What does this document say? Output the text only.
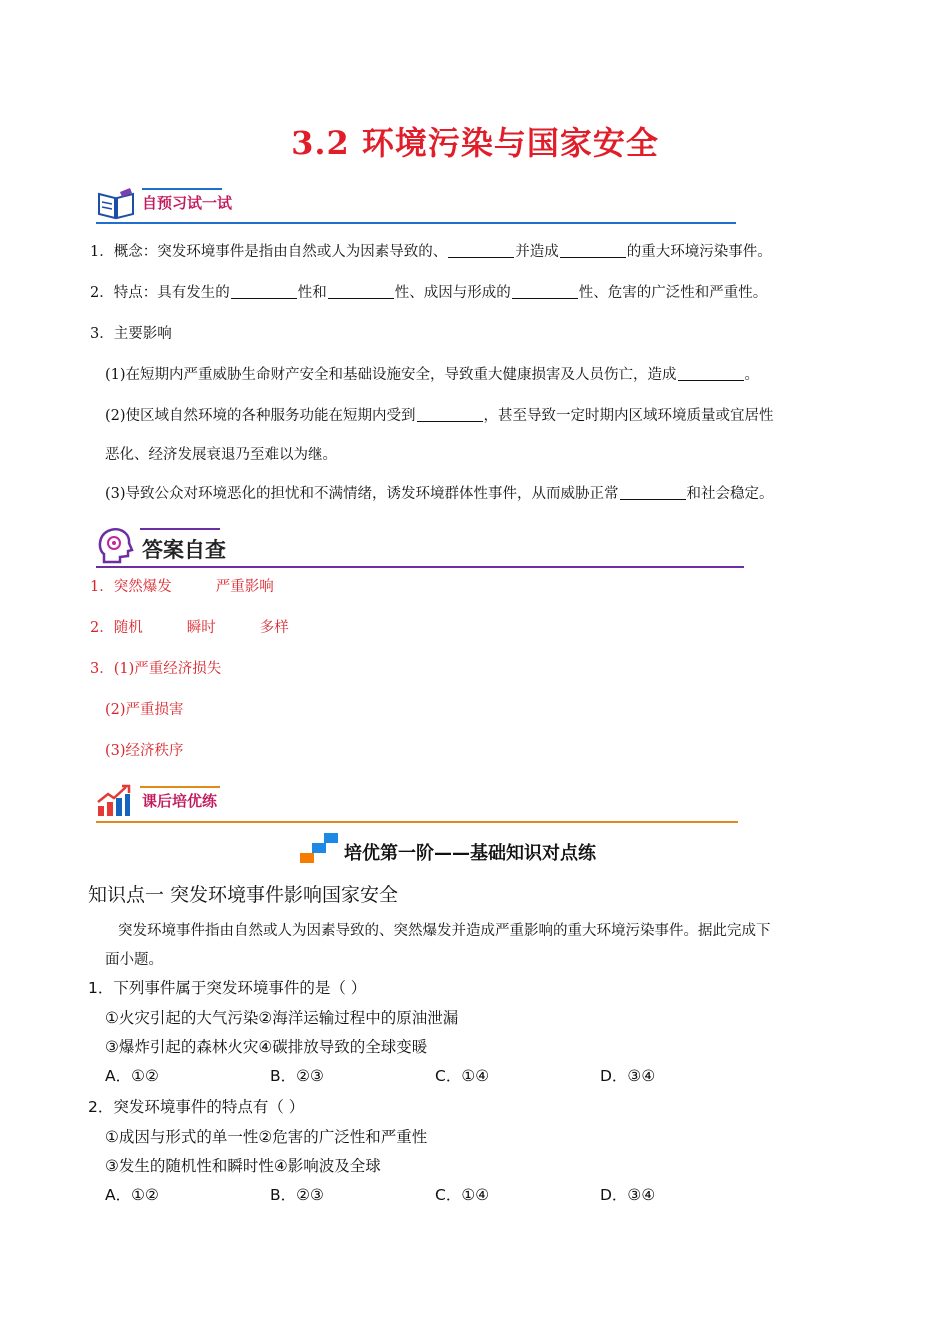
3.2 环境污染与国家安全
自预习试一试
1．概念：突发环境事件是指由自然或人为因素导致的、	并造成	的重大环境污染事件。
2．特点：具有发生的	性和	性、成因与形成的	性、危害的广泛性和严重性。
3．主要影响
(1)在短期内严重威胁生命财产安全和基础设施安全，导致重大健康损害及人员伤亡，造成	。
(2)使区域自然环境的各种服务功能在短期内受到	，甚至导致一定时期内区域环境质量或宜居性
恶化、经济发展衰退乃至难以为继。
(3)导致公众对环境恶化的担忧和不满情绪，诱发环境群体性事件，从而威胁正常	和社会稳定。
答案自查
1．突然爆发	严重影响
2．随机	瞬时	多样
3．(1)严重经济损失
(2)严重损害
(3)经济秩序
课后培优练
培优第一阶——基础知识对点练
知识点一 突发环境事件影响国家安全
突发环境事件指由自然或人为因素导致的、突然爆发并造成严重影响的重大环境污染事件。据此完成下
面小题。
1．下列事件属于突发环境事件的是（ ）
①火灾引起的大气污染②海洋运输过程中的原油泄漏
③爆炸引起的森林火灾④碳排放导致的全球变暖
A．①②	B．②③	C．①④	D．③④
2．突发环境事件的特点有（ ）
①成因与形式的单一性②危害的广泛性和严重性
③发生的随机性和瞬时性④影响波及全球
A．①②	B．②③	C．①④	D．③④
